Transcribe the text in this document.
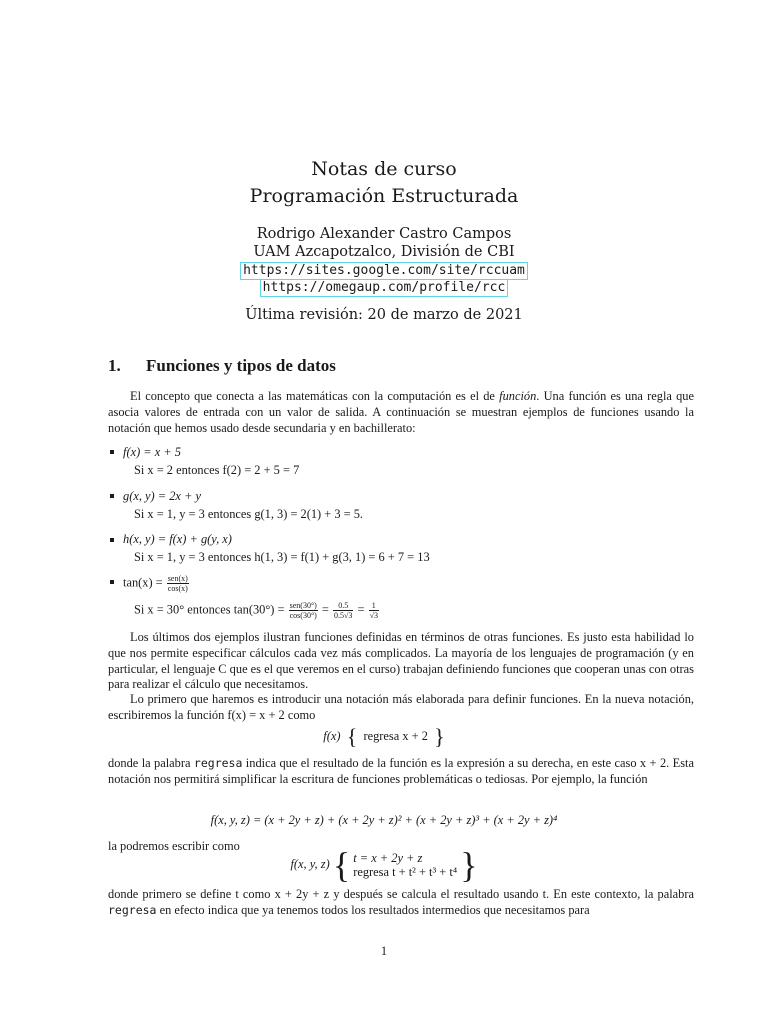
Notas de curso
Programación Estructurada
Rodrigo Alexander Castro Campos
UAM Azcapotzalco, División de CBI
https://sites.google.com/site/rccuam
https://omegaup.com/profile/rcc
Última revisión: 20 de marzo de 2021
1. Funciones y tipos de datos

El concepto que conecta a las matemáticas con la computación es el de función. Una función es una regla que asocia valores de entrada con un valor de salida. A continuación se muestran ejemplos de funciones usando la notación que hemos usado desde secundaria y en bachillerato:

f(x) = x + 5
Si x = 2 entonces f(2) = 2 + 5 = 7
g(x, y) = 2x + y
Si x = 1, y = 3 entonces g(1, 3) = 2(1) + 3 = 5.
h(x, y) = f(x) + g(y, x)
Si x = 1, y = 3 entonces h(1, 3) = f(1) + g(3, 1) = 6 + 7 = 13
$\tan(x) = \frac{\text{sen(x)}}{\cos(x)}$
Si x = 30° entonces $\tan(30^\circ) = \frac{\text{sen(30°)}}{\cos(30^\circ)} = \frac{0.5}{0.5√3} = \frac{1}{√3}$

Los últimos dos ejemplos ilustran funciones definidas en términos de otras funciones. Es justo esta habilidad lo que nos permite especificar cálculos cada vez más complicados. La mayoría de los lenguajes de programación (y en particular, el lenguaje C que es el que veremos en el curso) trabajan definiendo funciones que cooperan unas con otras para realizar el cálculo que necesitamos.

Lo primero que haremos es introducir una notación más elaborada para definir funciones. En la nueva notación, escribiremos la función f(x) = x + 2 como

f(x) { regresa x + 2 }

donde la palabra regresa indica que el resultado de la función es la expresión a su derecha, en este caso x + 2. Esta notación nos permitirá simplificar la escritura de funciones problemáticas o tediosas. Por ejemplo, la función

f(x, y, z) = (x + 2y + z) + (x + 2y + z)² + (x + 2y + z)³ + (x + 2y + z)⁴

la podremos escribir como

f(x, y, z) { t = x + 2y + z
regresa t + t² + t³ + t⁴ }

donde primero se define t como x + 2y + z y después se calcula el resultado usando t. En este contexto, la palabra regresa en efecto indica que ya tenemos todos los resultados intermedios que necesitamos para

1
